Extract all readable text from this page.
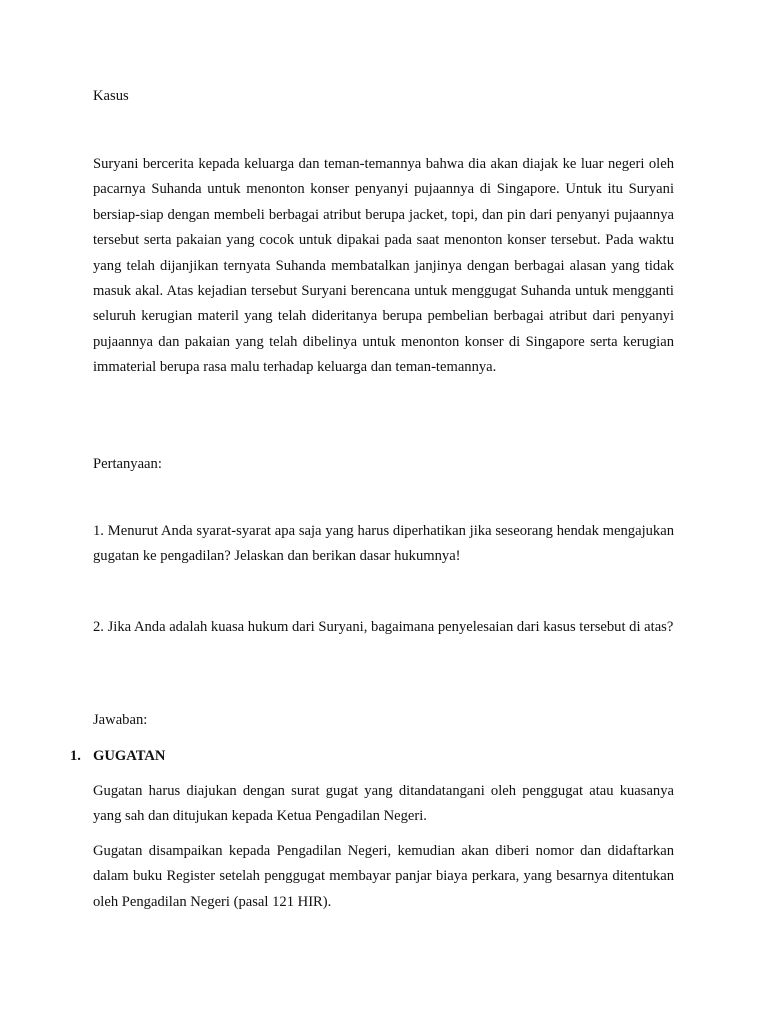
Kasus

Suryani bercerita kepada keluarga dan teman-temannya bahwa dia akan diajak ke luar negeri oleh pacarnya Suhanda untuk menonton konser penyanyi pujaannya di Singapore. Untuk itu Suryani bersiap-siap dengan membeli berbagai atribut berupa jacket, topi, dan pin dari penyanyi pujaannya tersebut serta pakaian yang cocok untuk dipakai pada saat menonton konser tersebut. Pada waktu yang telah dijanjikan ternyata Suhanda membatalkan janjinya dengan berbagai alasan yang tidak masuk akal. Atas kejadian tersebut Suryani berencana untuk menggugat Suhanda untuk mengganti seluruh kerugian materil yang telah dideritanya berupa pembelian berbagai atribut dari penyanyi pujaannya dan pakaian yang telah dibelinya untuk menonton konser di Singapore serta kerugian immaterial berupa rasa malu terhadap keluarga dan teman-temannya.

Pertanyaan:

1. Menurut Anda syarat-syarat apa saja yang harus diperhatikan jika seseorang hendak mengajukan gugatan ke pengadilan? Jelaskan dan berikan dasar hukumnya!

2. Jika Anda adalah kuasa hukum dari Suryani, bagaimana penyelesaian dari kasus tersebut di atas?

Jawaban:

1. GUGATAN

Gugatan harus diajukan dengan surat gugat yang ditandatangani oleh penggugat atau kuasanya yang sah dan ditujukan kepada Ketua Pengadilan Negeri.

Gugatan disampaikan kepada Pengadilan Negeri, kemudian akan diberi nomor dan didaftarkan dalam buku Register setelah penggugat membayar panjar biaya perkara, yang besarnya ditentukan oleh Pengadilan Negeri (pasal 121 HIR).
